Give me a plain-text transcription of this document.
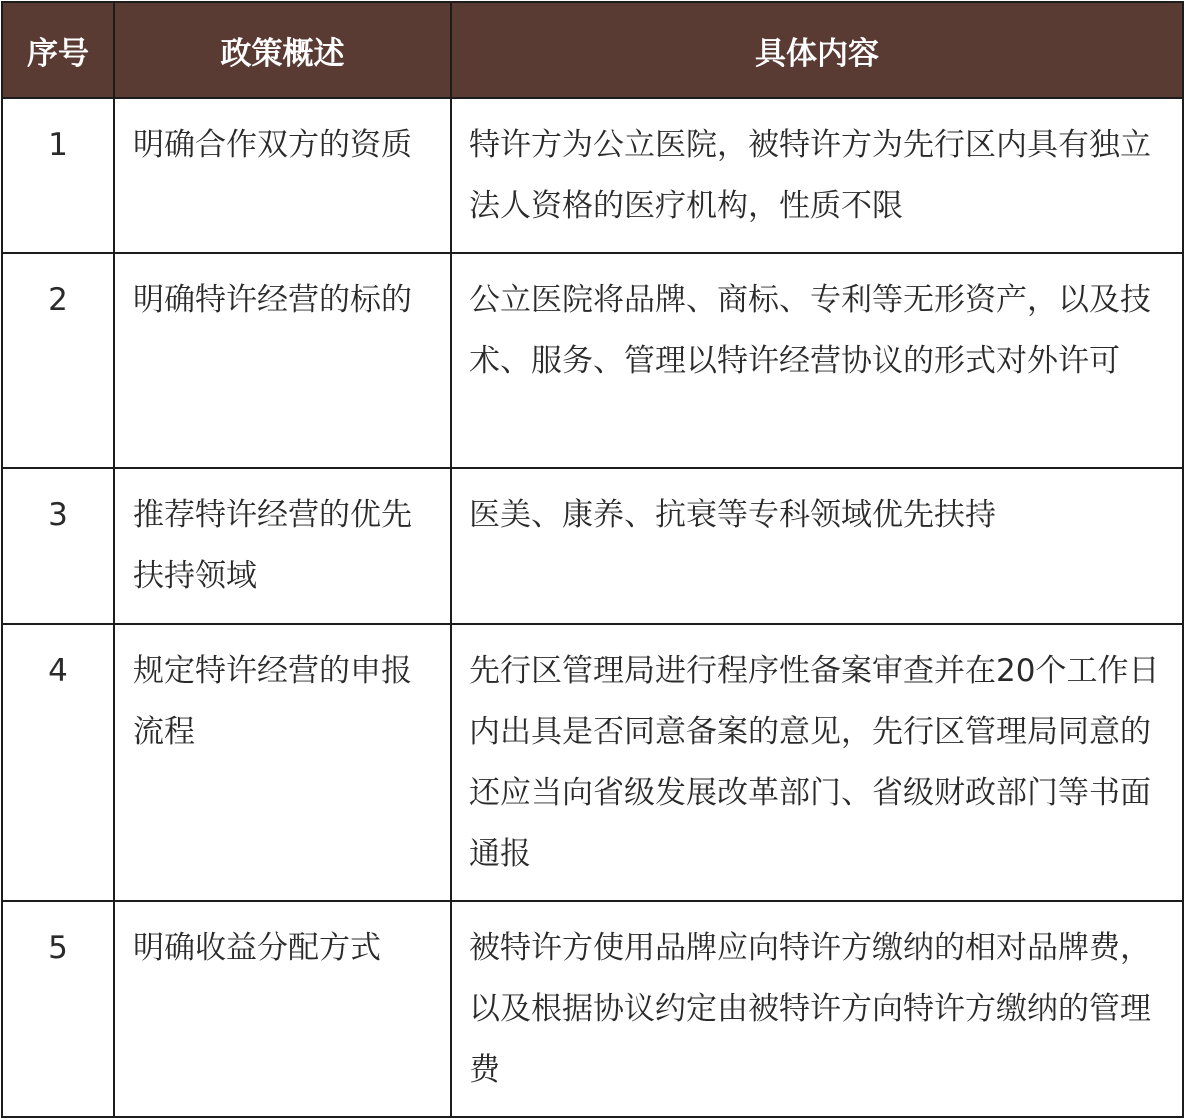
序号	政策概述	具体内容
1	明确合作双方的资质	特许方为公立医院，被特许方为先行区内具有独立法人资格的医疗机构，性质不限
2	明确特许经营的标的	公立医院将品牌、商标、专利等无形资产，以及技术、服务、管理以特许经营协议的形式对外许可
3	推荐特许经营的优先扶持领域	医美、康养、抗衰等专科领域优先扶持
4	规定特许经营的申报流程	先行区管理局进行程序性备案审查并在20个工作日内出具是否同意备案的意见，先行区管理局同意的还应当向省级发展改革部门、省级财政部门等书面通报
5	明确收益分配方式	被特许方使用品牌应向特许方缴纳的相对品牌费，以及根据协议约定由被特许方向特许方缴纳的管理费
